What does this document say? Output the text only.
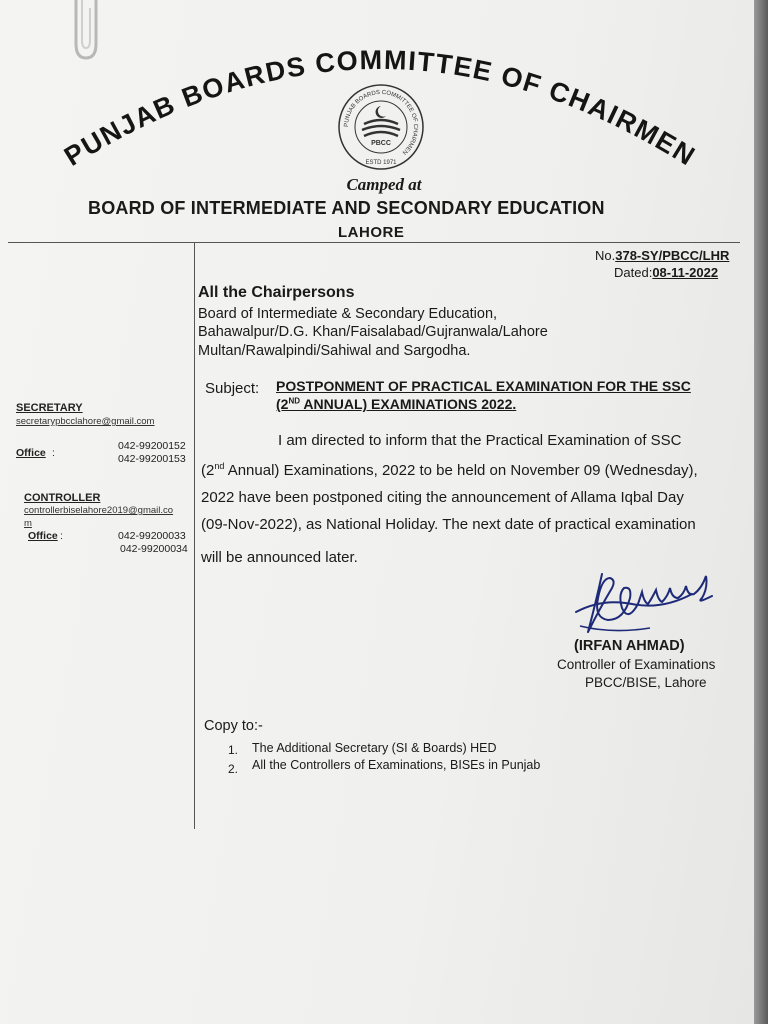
PUNJAB BOARDS COMMITTEE OF CHAIRMEN
PUNJAB BOARDS COMMITTEE OF CHAIRMEN
PBCC
ESTD 1971
Camped at
BOARD OF INTERMEDIATE AND SECONDARY EDUCATION
LAHORE
No.378-SY/PBCC/LHR
Dated:08-11-2022
SECRETARY
secretarypbcclahore@gmail.com
Office :
042-99200152
042-99200153
CONTROLLER
controllerbiselahore2019@gmail.co
m
Office :	042-99200033
042-99200034
All the Chairpersons
Board of Intermediate & Secondary Education,
Bahawalpur/D.G. Khan/Faisalabad/Gujranwala/Lahore
Multan/Rawalpindi/Sahiwal and Sargodha.
Subject: POSTPONMENT OF PRACTICAL EXAMINATION FOR THE SSC
(2ND ANNUAL) EXAMINATIONS 2022.
I am directed to inform that the Practical Examination of SSC
(2nd Annual) Examinations, 2022 to be held on November 09 (Wednesday),
2022 have been postponed citing the announcement of Allama Iqbal Day
(09-Nov-2022), as National Holiday. The next date of practical examination
will be announced later.
(IRFAN AHMAD)
Controller of Examinations
PBCC/BISE, Lahore
Copy to:-
1. The Additional Secretary (SI & Boards) HED
2. All the Controllers of Examinations, BISEs in Punjab
